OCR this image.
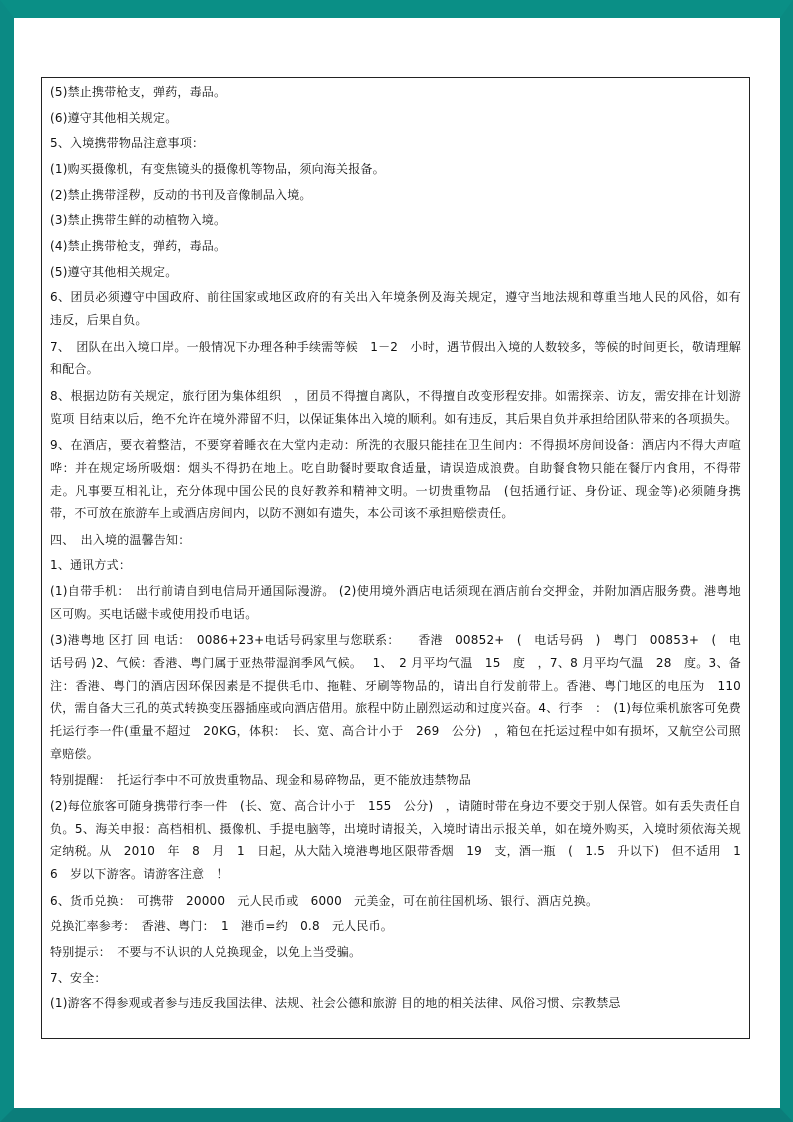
(5)禁止携带枪支，弹药，毒品。

(6)遵守其他相关规定。

5、入境携带物品注意事项：

(1)购买摄像机，有变焦镜头的摄像机等物品，须向海关报备。

(2)禁止携带淫秽，反动的书刊及音像制品入境。

(3)禁止携带生鲜的动植物入境。

(4)禁止携带枪支，弹药，毒品。

(5)遵守其他相关规定。

6、团员必须遵守中国政府、前往国家或地区政府的有关出入年境条例及海关规定，遵守当地法规和尊重当地人民的风俗，如有违反，后果自负。

7、　团队在出入境口岸。一般情况下办理各种手续需等候　1－2　小时，遇节假出入境的人数较多，等候的时间更长，敬请理解和配合。

8、根据边防有关规定，旅行团为集体组织　，团员不得擅自离队，不得擅自改变形程安排。如需探亲、访友，需安排在计划游览项 目结束以后，绝不允许在境外滞留不归，以保证集体出入境的顺利。如有违反，其后果自负并承担给团队带来的各项损失。

9、在酒店，要衣着整洁，不要穿着睡衣在大堂内走动：所洗的衣服只能挂在卫生间内：不得损坏房间设备：酒店内不得大声喧哗：并在规定场所吸烟：烟头不得扔在地上。吃自助餐时要取食适量，请误造成浪费。自助餐食物只能在餐厅内食用，不得带走。凡事要互相礼让，充分体现中国公民的良好教养和精神文明。一切贵重物品　(包括通行证、身份证、现金等)必须随身携带，不可放在旅游车上或酒店房间内，以防不测如有遗失，本公司该不承担赔偿责任。

四、　出入境的温馨告知：

1、通讯方式：

(1)自带手机：　出行前请自到电信局开通国际漫游。 (2)使用境外酒店电话须现在酒店前台交押金，并附加酒店服务费。港粤地区可购。买电话磁卡或使用投币电话。

(3)港粤地 区打 回 电话：　0086+23+电话号码家里与您联系：　　香港　00852+　(　电话号码　)　粤门　00853+　(　电话号码 )2、气候：香港、粤门属于亚热带湿润季风气候。　 1、　2 月平均气温　15　度　，7、8 月平均气温　28　度。3、备注：香港、粤门的酒店因环保因素是不提供毛巾、拖鞋、牙刷等物品的，请出自行发前带上。香港、粤门地区的电压为　110　伏，需自备大三孔的英式转换变压器插座或向酒店借用。旅程中防止剧烈运动和过度兴奋。4、行李　：　(1)每位乘机旅客可免费托运行李一件(重量不超过　20KG，体积：　长、宽、高合计小于　269　公分)　，箱包在托运过程中如有损坏，又航空公司照章赔偿。

特别提醒：　托运行李中不可放贵重物品、现金和易碎物品，更不能放违禁物品

(2)每位旅客可随身携带行李一件　(长、宽、高合计小于　155　公分)　，请随时带在身边不要交于别人保管。如有丢失责任自负。5、海关申报：高档相机、摄像机、手提电脑等，出境时请报关，入境时请出示报关单，如在境外购买，入境时须依海关规定纳税。从　2010　年　8　月　1　日起，从大陆入境港粤地区限带香烟　19　支，酒一瓶　(　1.5　升以下)　但不适用　16　岁以下游客。请游客注意　！

6、货币兑换：　可携带　20000　元人民币或　6000　元美金，可在前往国机场、银行、酒店兑换。

兑换汇率参考：　香港、粤门：　1　港币=约　0.8　元人民币。

特别提示：　不要与不认识的人兑换现金，以免上当受骗。

7、安全：

(1)游客不得参观或者参与违反我国法律、法规、社会公德和旅游 目的地的相关法律、风俗习惯、宗教禁忌
